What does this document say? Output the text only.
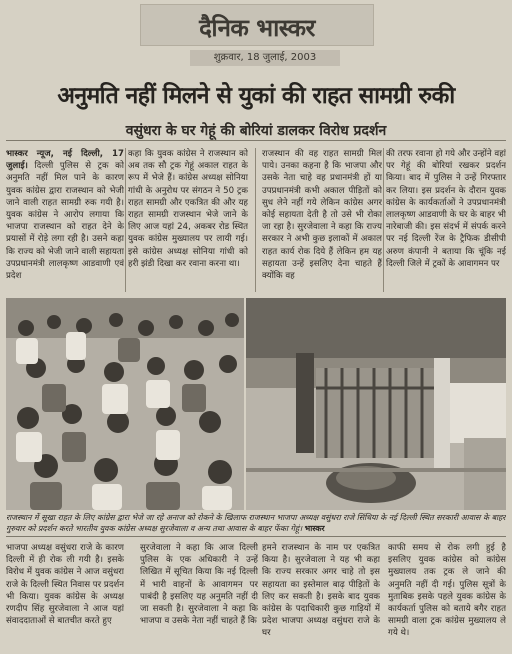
दैनिक भास्कर
शुक्रवार, 18 जुलाई, 2003
अनुमति नहीं मिलने से युकां की राहत सामग्री रुकी
वसुंधरा के घर गेहूं की बोरियां डालकर विरोध प्रदर्शन
भास्कर न्यूज, नई दिल्ली, 17 जुलाई। दिल्ली पुलिस से ट्रक को अनुमति नहीं मिल पाने के कारण युवक कांग्रेस द्वारा राजस्थान को भेजी जाने वाली राहत सामग्री रुक गयी है। युवक कांग्रेस ने आरोप लगाया कि भाजपा राजस्थान को राहत देने के प्रयासों में रोड़े लगा रही है। उसने कहा कि राज्य को भेजी जाने वाली सहायता उपप्रधानमंत्री लालकृष्ण आडवाणी एवं प्रदेश
कहा कि युवक कांग्रेस ने राजस्थान को अब तक सौ ट्रक गेहूं अकाल राहत के रूप में भेजे हैं। कांग्रेस अध्यक्ष सोनिया गांधी के अनुरोध पर संगठन ने 50 ट्रक राहत सामग्री और एकत्रित की और यह राहत सामग्री राजस्थान भेजे जाने के लिए आज यहां 24, अकबर रोड स्थित युवक कांग्रेस मुख्यालय पर लायी गई। इसे कांग्रेस अध्यक्ष सोनिया गांधी को हरी झंडी दिखा कर रवाना करना था।
राजस्थान की वह राहत सामग्री मिल पाये। उनका कहना है कि भाजपा और उसके नेता चाहे वह प्रधानमंत्री हों या उपप्रधानमंत्री कभी अकाल पीड़ितों को सुध लेने नहीं गये लेकिन कांग्रेस अगर कोई सहायता देती है तो उसे भी रोका जा रहा है। सुरजेवाला ने कहा कि राज्य सरकार ने अभी कुछ इलाकों में अकाल राहत कार्य रोक दिये हैं लेकिन हम यह सहायता उन्हें इसलिए देना चाहते हैं क्योंकि वह
की तरफ रवाना हो गये और उन्होंने वहां पर गेहूं की बोरियां रखकर प्रदर्शन किया। बाद में पुलिस ने उन्हें गिरफ्तार कर लिया। इस प्रदर्शन के दौरान युवक कांग्रेस के कार्यकर्ताओं ने उपप्रधानमंत्री लालकृष्ण आडवाणी के घर के बाहर भी नारेबाजी की। इस संदर्भ में संपर्क करने पर नई दिल्ली रेंज के ट्रैफिक डीसीपी अरुण कंपानी ने बताया कि चूंकि नई दिल्ली जिले में ट्रकों के आवागमन पर
राजस्थान में सूखा राहत के लिए कांग्रेस द्वारा भेजे जा रहे अनाज को रोकने के खिलाफ राजस्थान भाजपा अध्यक्ष वसुंधरा राजे सिंधिया के नई दिल्ली स्थित सरकारी आवास के बाहर गुरुवार को प्रदर्शन करते भारतीय युवक कांग्रेस अध्यक्ष सुरजेवाला व अन्य तथा आवास के बाहर फेंका गेहूं। भास्कर
भाजपा अध्यक्ष वसुंधरा राजे के कारण दिल्ली में ही रोक ली गयी है। इसके विरोध में युवक कांग्रेस ने आज वसुंधरा राजे के दिल्ली स्थित निवास पर प्रदर्शन भी किया। युवक कांग्रेस के अध्यक्ष रणदीप सिंह सुरजेवाला ने आज यहां संवाददाताओं से बातचीत करते हुए
सुरजेवाला ने कहा कि आज दिल्ली पुलिस के एक अधिकारी ने उन्हें लिखित में सूचित किया कि नई दिल्ली में भारी वाहनों के आवागमन पर पाबंदी है इसलिए यह अनुमति नहीं दी जा सकती है। सुरजेवाला ने कहा कि भाजपा व उसके नेता नहीं चाहते हैं कि
हमने राजस्थान के नाम पर एकत्रित किया है। सुरजेवाला ने यह भी कहा कि राज्य सरकार अगर चाहे तो इस सहायता का इस्तेमाल बाढ़ पीड़ितों के लिए कर सकती है। इसके बाद युवक कांग्रेस के पदाधिकारी कुछ गाड़ियों में प्रदेश भाजपा अध्यक्ष वसुंधरा राजे के घर
काफी समय से रोक लगी हुई है इसलिए युवक कांग्रेस को कांग्रेस मुख्यालय तक ट्रक ले जाने की अनुमति नहीं दी गई। पुलिस सूत्रों के मुताबिक इसके पहले युवक कांग्रेस के कार्यकर्ता पुलिस को बताये बगैर राहत सामग्री वाला ट्रक कांग्रेस मुख्यालय ले गये थे।
